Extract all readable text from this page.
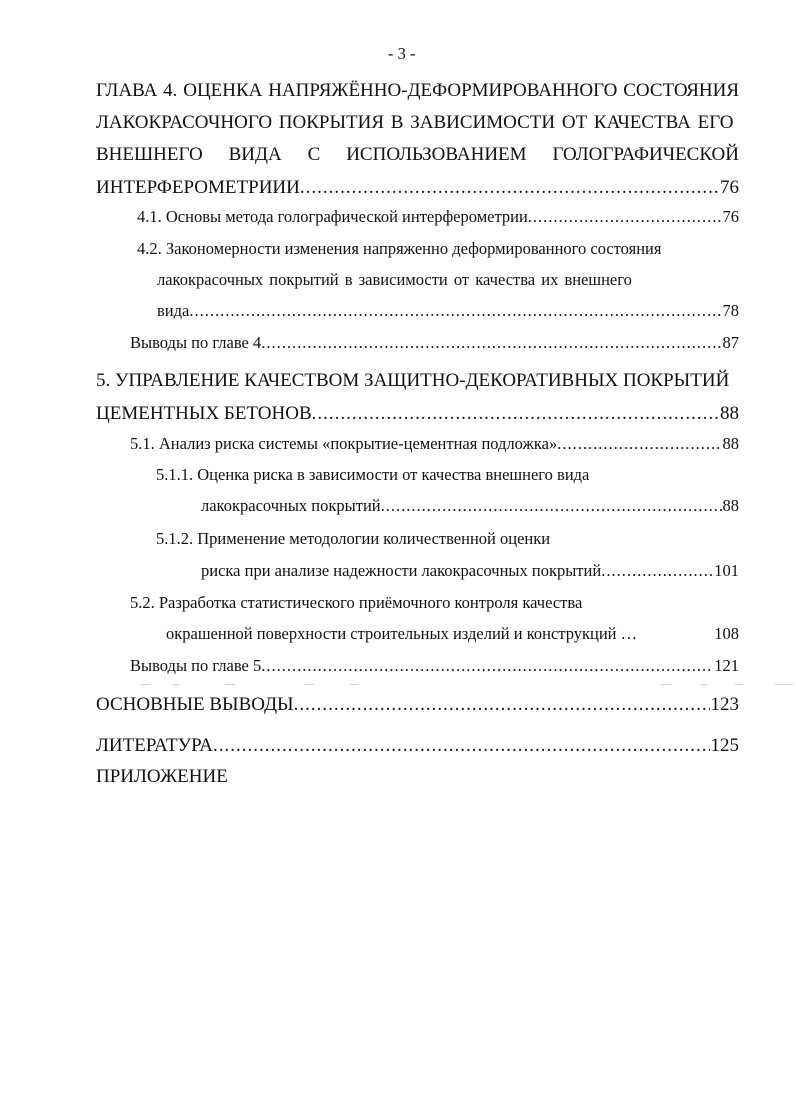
- 3 -
ГЛАВА 4. ОЦЕНКА НАПРЯЖЁННО-ДЕФОРМИРОВАННОГО СОСТОЯНИЯ
ЛАКОКРАСОЧНОГО ПОКРЫТИЯ В ЗАВИСИМОСТИ ОТ КАЧЕСТВА ЕГО
ВНЕШНЕГО ВИДА С ИСПОЛЬЗОВАНИЕМ ГОЛОГРАФИЧЕСКОЙ
ИНТЕРФЕРОМЕТРИИИ .....	76
4.1. Основы метода голографической интерферометрии .....	76
4.2. Закономерности изменения напряженно деформированного состояния
лакокрасочных покрытий в зависимости от качества их внешнего
вида .....	78
Выводы по главе 4 .....	87
5. УПРАВЛЕНИЕ КАЧЕСТВОМ ЗАЩИТНО-ДЕКОРАТИВНЫХ ПОКРЫТИЙ
ЦЕМЕНТНЫХ БЕТОНОВ .....	88
5.1. Анализ риска системы «покрытие-цементная подложка» .....	88
5.1.1. Оценка риска в зависимости от качества внешнего вида
лакокрасочных покрытий .....	88
5.1.2. Применение методологии количественной оценки
риска при анализе надежности лакокрасочных покрытий .....	101
5.2. Разработка статистического приёмочного контроля качества
окрашенной поверхности строительных изделий и конструкций …	108
Выводы по главе 5 .....	121
ОСНОВНЫЕ ВЫВОДЫ .....	123
ЛИТЕРАТУРА .....	125
ПРИЛОЖЕНИЕ
